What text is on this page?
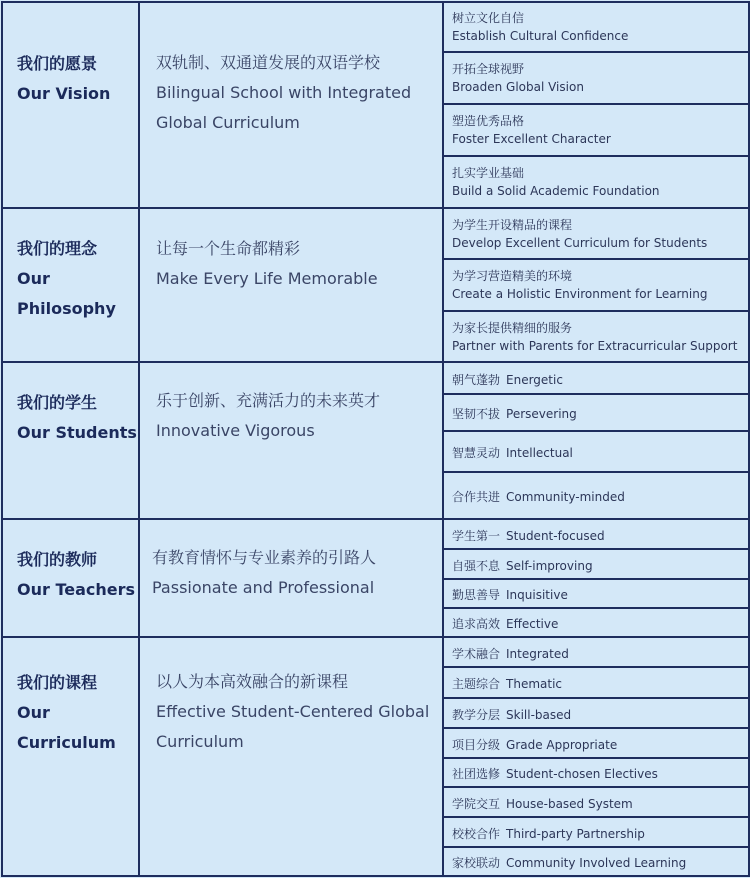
我们的愿景
Our Vision	双轨制、双通道发展的双语学校
Bilingual School with Integrated Global Curriculum	树立文化自信
Establish Cultural Confidence

		开拓全球视野
Broaden Global Vision

		塑造优秀品格
Foster Excellent Character

		扎实学业基础
Build a Solid Academic Foundation

我们的理念
Our
Philosophy	让每一个生命都精彩
Make Every Life Memorable	为学生开设精品的课程
Develop Excellent Curriculum for Students

		为学习营造精美的环境
Create a Holistic Environment for Learning

		为家长提供精细的服务
Partner with Parents for Extracurricular Support

我们的学生
Our Students	乐于创新、充满活力的未来英才
Innovative Vigorous	朝气蓬勃 Energetic
		坚韧不拔 Persevering
		智慧灵动 Intellectual
		合作共进 Community-minded

我们的教师
Our Teachers	有教育情怀与专业素养的引路人
Passionate and Professional	学生第一 Student-focused
		自强不息 Self-improving
		勤思善导 Inquisitive
		追求高效 Effective

我们的课程
Our
Curriculum	以人为本高效融合的新课程
Effective Student-Centered Global Curriculum	学术融合 Integrated
		主题综合 Thematic
		教学分层 Skill-based
		项目分级 Grade Appropriate
		社团选修 Student-chosen Electives
		学院交互 House-based System
		校校合作 Third-party Partnership
		家校联动 Community Involved Learning
